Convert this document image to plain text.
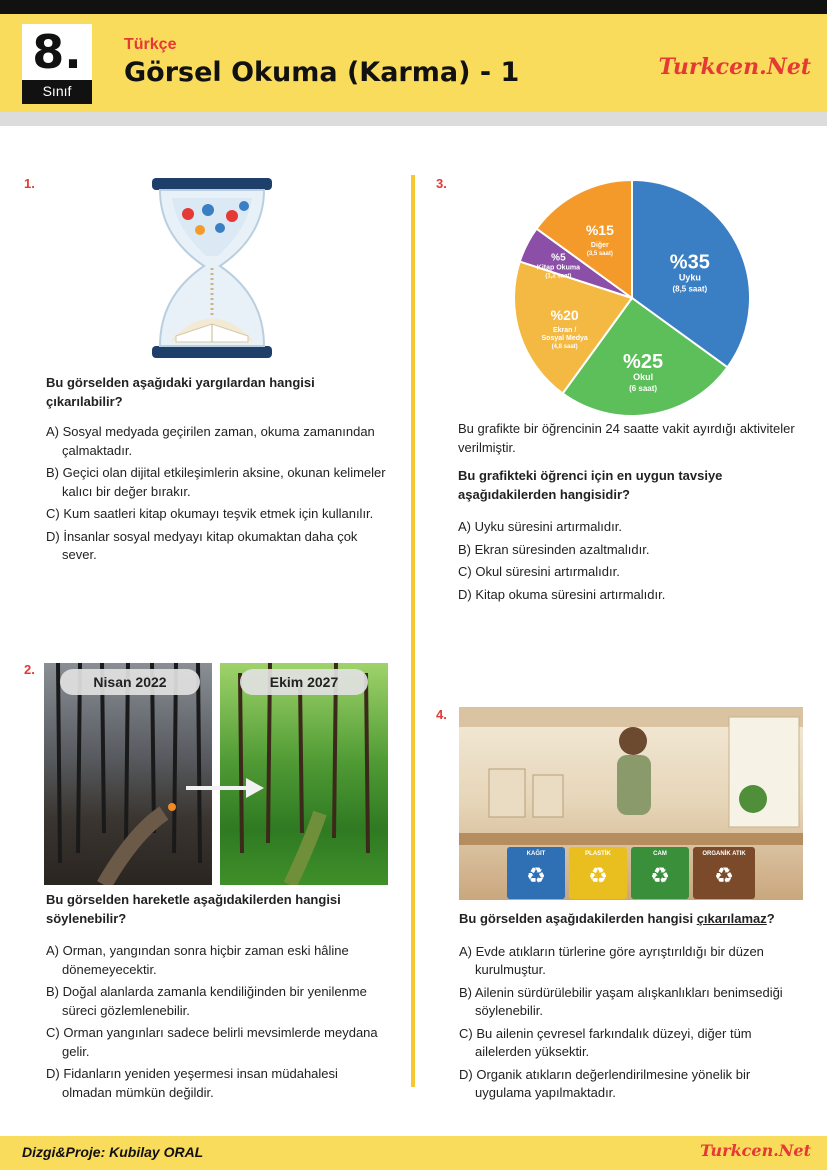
8.
Sınıf
Türkçe
Görsel Okuma (Karma) - 1	Turkcen.Net
1.
Bu görselden aşağıdaki yargılardan hangisi çıkarılabilir?
A) Sosyal medyada geçirilen zaman, okuma zamanından çalmaktadır.
B) Geçici olan dijital etkileşimlerin aksine, okunan kelimeler kalıcı bir değer bırakır.
C) Kum saatleri kitap okumayı teşvik etmek için kullanılır.
D) İnsanlar sosyal medyayı kitap okumaktan daha çok sever.
3.
%35
Uyku
(8,5 saat)
%25
Okul
(6 saat)
%20
Ekran /
Sosyal Medya
(4,8 saat)
%5
Kitap Okuma
(1,2 saat)
%15
Diğer
(3,5 saat)
Bu grafikte bir öğrencinin 24 saatte vakit ayırdığı aktiviteler verilmiştir.
Bu grafikteki öğrenci için en uygun tavsiye aşağıdakilerden hangisidir?
A) Uyku süresini artırmalıdır.
B) Ekran süresinden azaltmalıdır.
C) Okul süresini artırmalıdır.
D) Kitap okuma süresini artırmalıdır.
2.
Nisan 2022	Ekim 2027
Bu görselden hareketle aşağıdakilerden hangisi söylenebilir?
A) Orman, yangından sonra hiçbir zaman eski hâline dönemeyecektir.
B) Doğal alanlarda zamanla kendiliğinden bir yenilenme süreci gözlemlenebilir.
C) Orman yangınları sadece belirli mevsimlerde meydana gelir.
D) Fidanların yeniden yeşermesi insan müdahalesi olmadan mümkün değildir.
4.
KAĞIT
♻
PLASTİK
♻
CAM
♻
ORGANİK ATIK
♻
Bu görselden aşağıdakilerden hangisi çıkarılamaz?
A) Evde atıkların türlerine göre ayrıştırıldığı bir düzen kurulmuştur.
B) Ailenin sürdürülebilir yaşam alışkanlıkları benimsediği söylenebilir.
C) Bu ailenin çevresel farkındalık düzeyi, diğer tüm ailelerden yüksektir.
D) Organik atıkların değerlendirilmesine yönelik bir uygulama yapılmaktadır.
Dizgi&Proje: Kubilay ORAL	Turkcen.Net
